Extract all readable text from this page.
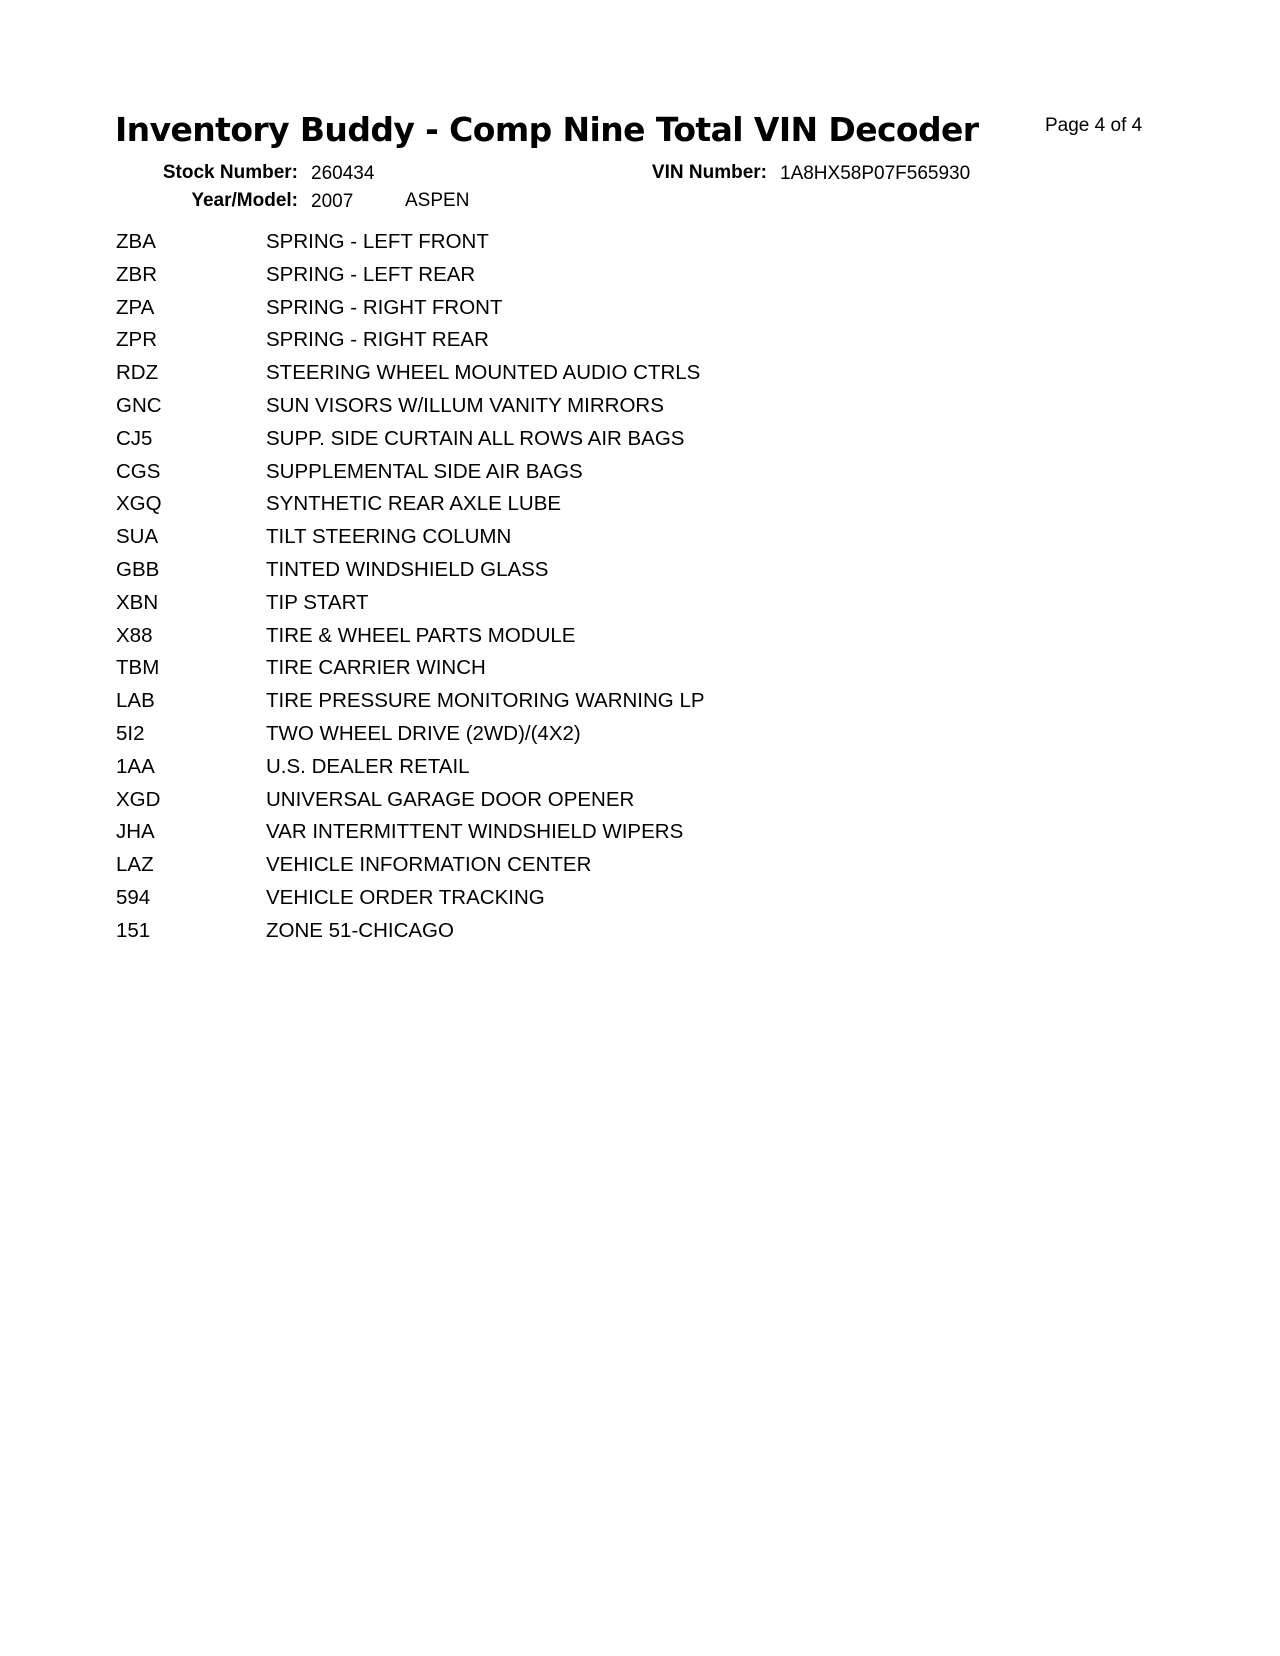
Inventory Buddy - Comp Nine Total VIN Decoder	Page 4 of 4
Stock Number: 260434	VIN Number: 1A8HX58P07F565930
Year/Model: 2007	ASPEN
ZBA	SPRING - LEFT FRONT
ZBR	SPRING - LEFT REAR
ZPA	SPRING - RIGHT FRONT
ZPR	SPRING - RIGHT REAR
RDZ	STEERING WHEEL MOUNTED AUDIO CTRLS
GNC	SUN VISORS W/ILLUM VANITY MIRRORS
CJ5	SUPP. SIDE CURTAIN ALL ROWS AIR BAGS
CGS	SUPPLEMENTAL SIDE AIR BAGS
XGQ	SYNTHETIC REAR AXLE LUBE
SUA	TILT STEERING COLUMN
GBB	TINTED WINDSHIELD GLASS
XBN	TIP START
X88	TIRE & WHEEL PARTS MODULE
TBM	TIRE CARRIER WINCH
LAB	TIRE PRESSURE MONITORING WARNING LP
5I2	TWO WHEEL DRIVE (2WD)/(4X2)
1AA	U.S. DEALER RETAIL
XGD	UNIVERSAL GARAGE DOOR OPENER
JHA	VAR INTERMITTENT WINDSHIELD WIPERS
LAZ	VEHICLE INFORMATION CENTER
594	VEHICLE ORDER TRACKING
151	ZONE 51-CHICAGO
